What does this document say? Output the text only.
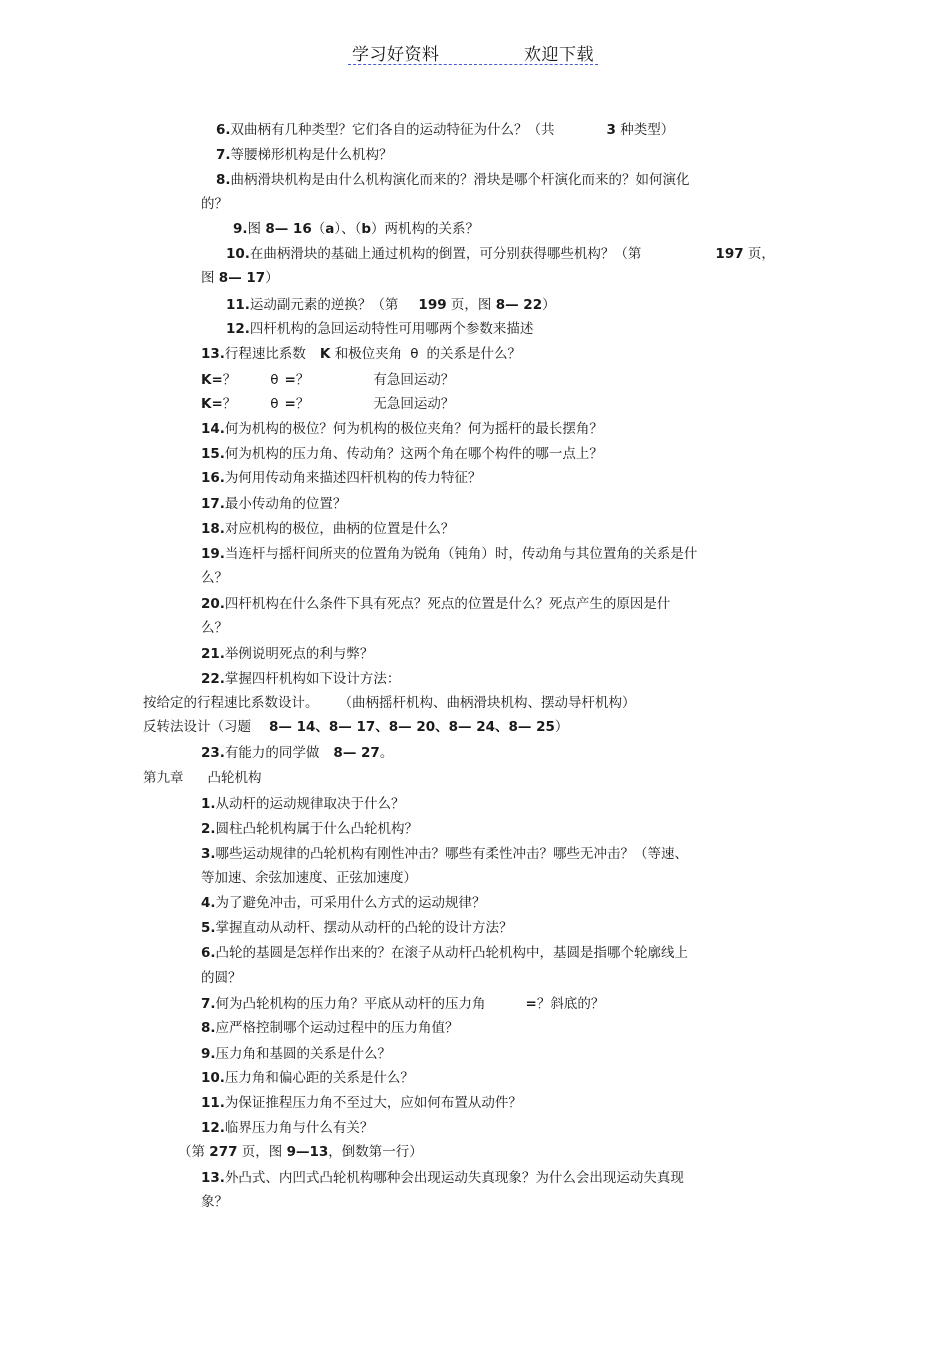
学习好资料	欢迎下载
6.双曲柄有几种类型？它们各自的运动特征为什么？（共	3 种类型）
7.等腰梯形机构是什么机构？
8.曲柄滑块机构是由什么机构演化而来的？滑块是哪个杆演化而来的？如何演化
的？
9.图 8— 16（a）、（b）两机构的关系？
10.在曲柄滑块的基础上通过机构的倒置，可分别获得哪些机构？（第	197 页，
图 8— 17）
11.运动副元素的逆换？（第 199 页，图 8— 22）
12.四杆机构的急回运动特性可用哪两个参数来描述
13.行程速比系数 K 和极位夹角 θ 的关系是什么？
K=？	θ =？	有急回运动？
K=？	θ =？	无急回运动？
14.何为机构的极位？何为机构的极位夹角？何为摇杆的最长摆角？
15.何为机构的压力角、传动角？这两个角在哪个构件的哪一点上？
16.为何用传动角来描述四杆机构的传力特征？
17.最小传动角的位置？
18.对应机构的极位，曲柄的位置是什么？
19.当连杆与摇杆间所夹的位置角为锐角（钝角）时，传动角与其位置角的关系是什
么？
20.四杆机构在什么条件下具有死点？死点的位置是什么？死点产生的原因是什
么？
21.举例说明死点的利与弊？
22.掌握四杆机构如下设计方法：
按给定的行程速比系数设计。 （曲柄摇杆机构、曲柄滑块机构、摆动导杆机构）
反转法设计（习题 8— 14、8— 17、8— 20、8— 24、8— 25）
23.有能力的同学做 8— 27。
第九章 凸轮机构
1.从动杆的运动规律取决于什么？
2.圆柱凸轮机构属于什么凸轮机构？
3.哪些运动规律的凸轮机构有刚性冲击？哪些有柔性冲击？哪些无冲击？（等速、
等加速、余弦加速度、正弦加速度）
4.为了避免冲击，可采用什么方式的运动规律？
5.掌握直动从动杆、摆动从动杆的凸轮的设计方法？
6.凸轮的基圆是怎样作出来的？在滚子从动杆凸轮机构中，基圆是指哪个轮廓线上
的圆？
7.何为凸轮机构的压力角？平底从动杆的压力角	=？斜底的？
8.应严格控制哪个运动过程中的压力角值？
9.压力角和基圆的关系是什么？
10.压力角和偏心距的关系是什么？
11.为保证推程压力角不至过大，应如何布置从动件？
12.临界压力角与什么有关？
（第 277 页，图 9—13，倒数第一行）
13.外凸式、内凹式凸轮机构哪种会出现运动失真现象？为什么会出现运动失真现
象？
